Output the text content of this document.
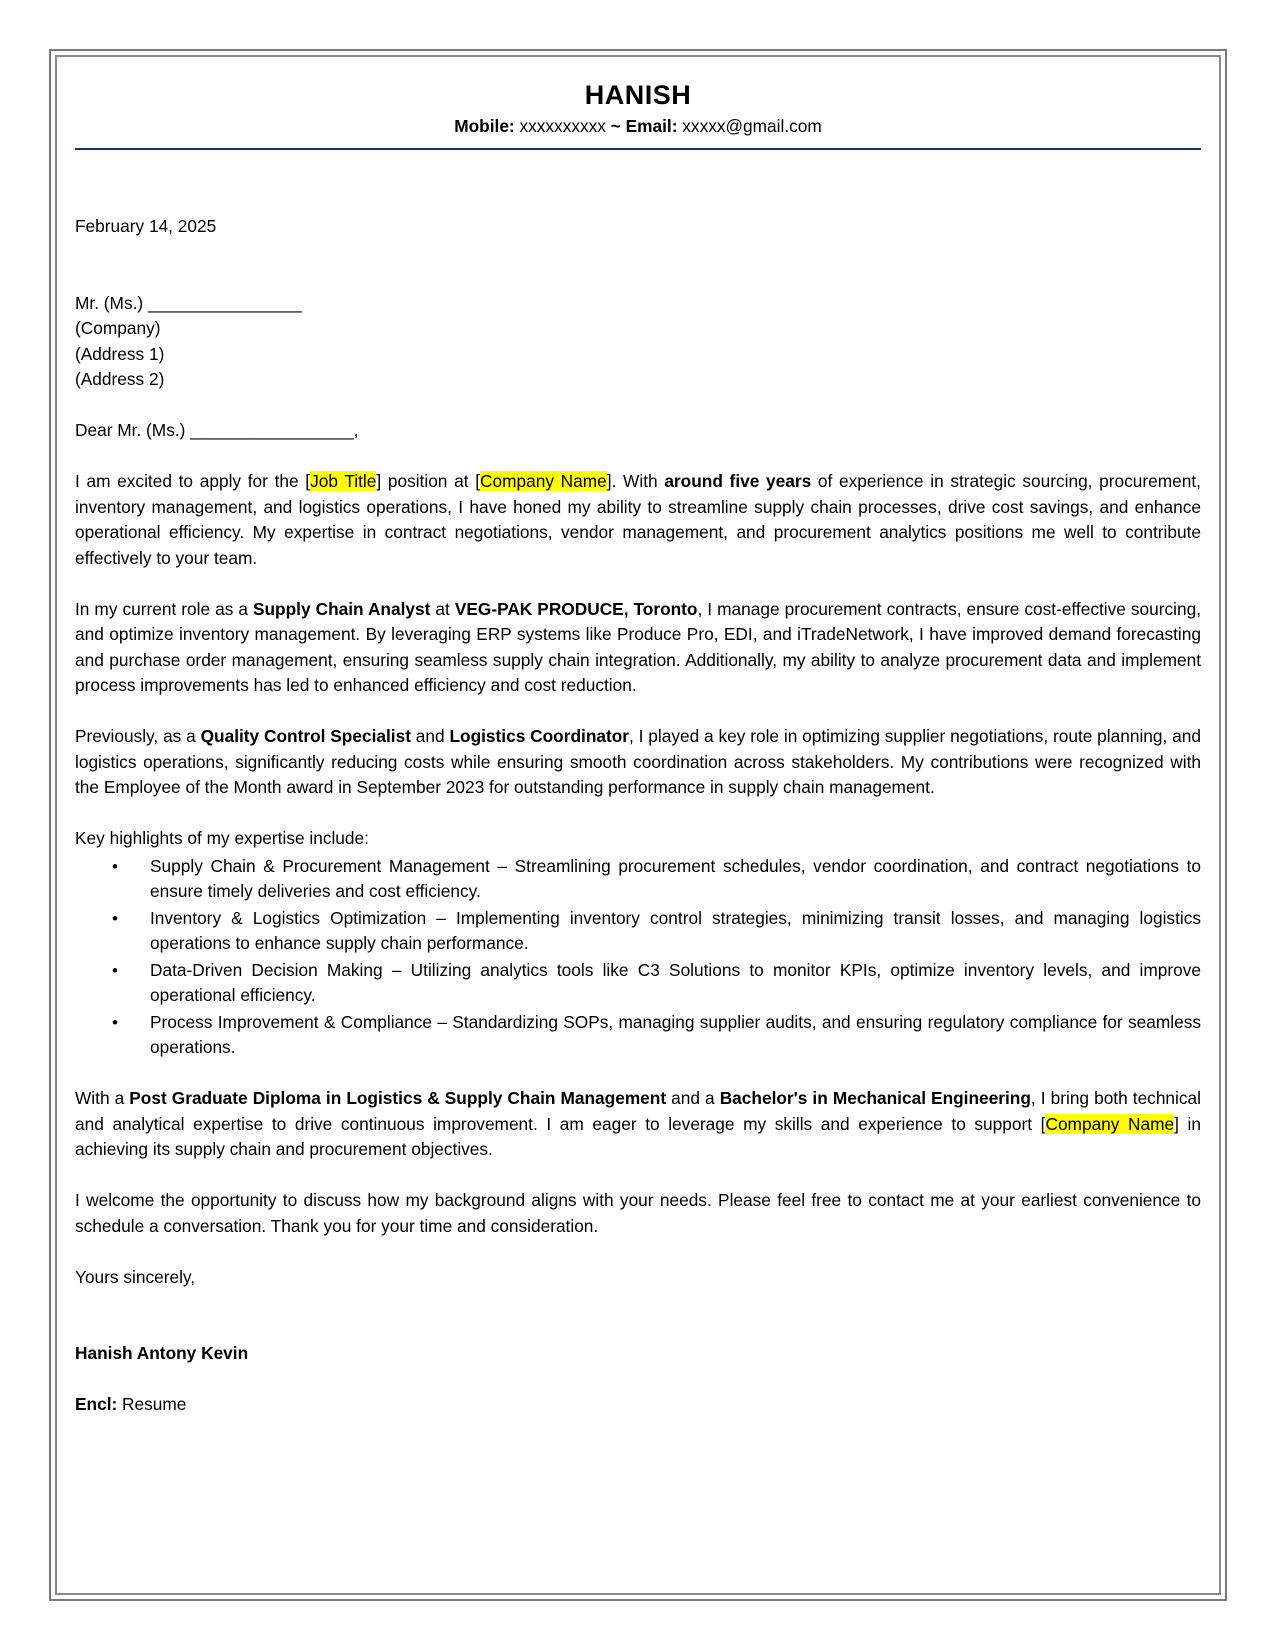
HANISH
Mobile: xxxxxxxxxx ~ Email: xxxxx@gmail.com
February 14, 2025
Mr. (Ms.) ________________
(Company)
(Address 1)
(Address 2)
Dear Mr. (Ms.) _________________,

I am excited to apply for the [Job Title] position at [Company Name]. With around five years of experience in strategic sourcing, procurement, inventory management, and logistics operations, I have honed my ability to streamline supply chain processes, drive cost savings, and enhance operational efficiency. My expertise in contract negotiations, vendor management, and procurement analytics positions me well to contribute effectively to your team.

In my current role as a Supply Chain Analyst at VEG-PAK PRODUCE, Toronto, I manage procurement contracts, ensure cost-effective sourcing, and optimize inventory management. By leveraging ERP systems like Produce Pro, EDI, and iTradeNetwork, I have improved demand forecasting and purchase order management, ensuring seamless supply chain integration. Additionally, my ability to analyze procurement data and implement process improvements has led to enhanced efficiency and cost reduction.

Previously, as a Quality Control Specialist and Logistics Coordinator, I played a key role in optimizing supplier negotiations, route planning, and logistics operations, significantly reducing costs while ensuring smooth coordination across stakeholders. My contributions were recognized with the Employee of the Month award in September 2023 for outstanding performance in supply chain management.

Key highlights of my expertise include:
• Supply Chain & Procurement Management – Streamlining procurement schedules, vendor coordination, and contract negotiations to ensure timely deliveries and cost efficiency.
• Inventory & Logistics Optimization – Implementing inventory control strategies, minimizing transit losses, and managing logistics operations to enhance supply chain performance.
• Data-Driven Decision Making – Utilizing analytics tools like C3 Solutions to monitor KPIs, optimize inventory levels, and improve operational efficiency.
• Process Improvement & Compliance – Standardizing SOPs, managing supplier audits, and ensuring regulatory compliance for seamless operations.

With a Post Graduate Diploma in Logistics & Supply Chain Management and a Bachelor's in Mechanical Engineering, I bring both technical and analytical expertise to drive continuous improvement. I am eager to leverage my skills and experience to support [Company Name] in achieving its supply chain and procurement objectives.

I welcome the opportunity to discuss how my background aligns with your needs. Please feel free to contact me at your earliest convenience to schedule a conversation. Thank you for your time and consideration.

Yours sincerely,
Hanish Antony Kevin
Encl: Resume
